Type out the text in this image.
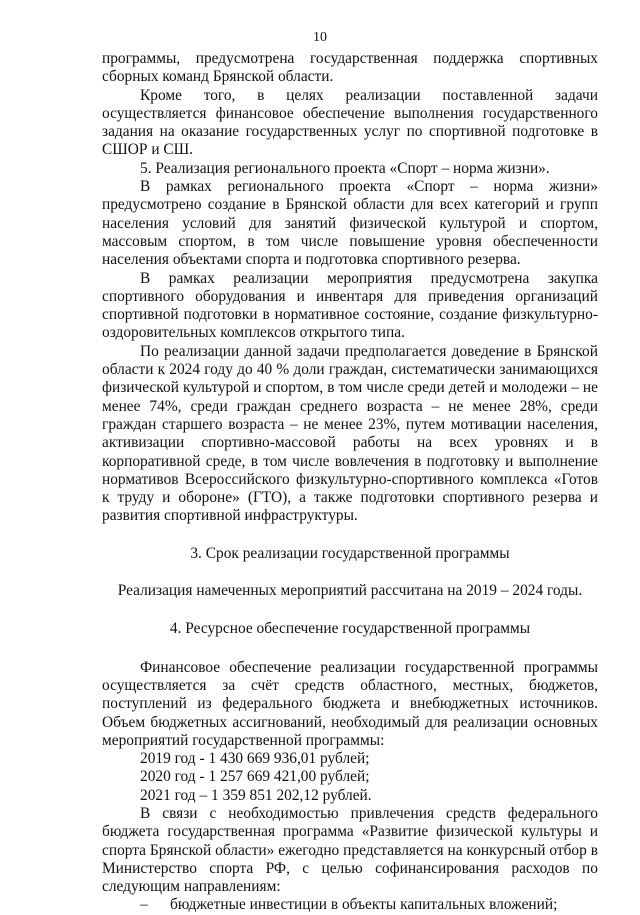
10

программы, предусмотрена государственная поддержка спортивных сборных команд Брянской области.

Кроме того, в целях реализации поставленной задачи осуществляется финансовое обеспечение выполнения государственного задания на оказание государственных услуг по спортивной подготовке в СШОР и СШ.

5. Реализация регионального проекта «Спорт – норма жизни».

В рамках регионального проекта «Спорт – норма жизни» предусмотрено создание в Брянской области для всех категорий и групп населения условий для занятий физической культурой и спортом, массовым спортом, в том числе повышение уровня обеспеченности населения объектами спорта и подготовка спортивного резерва.

В рамках реализации мероприятия предусмотрена закупка спортивного оборудования и инвентаря для приведения организаций спортивной подготовки в нормативное состояние, создание физкультурно-оздоровительных комплексов открытого типа.

По реализации данной задачи предполагается доведение в Брянской области к 2024 году до 40 % доли граждан, систематически занимающихся физической культурой и спортом, в том числе среди детей и молодежи – не менее 74%, среди граждан среднего возраста – не менее 28%, среди граждан старшего возраста – не менее 23%, путем мотивации населения, активизации спортивно-массовой работы на всех уровнях и в корпоративной среде, в том числе вовлечения в подготовку и выполнение нормативов Всероссийского физкультурно-спортивного комплекса «Готов к труду и обороне» (ГТО), а также подготовки спортивного резерва и развития спортивной инфраструктуры.

3. Срок реализации государственной программы

Реализация намеченных мероприятий рассчитана на 2019 – 2024 годы.

4. Ресурсное обеспечение государственной программы

Финансовое обеспечение реализации государственной программы осуществляется за счёт средств областного, местных, бюджетов, поступлений из федерального бюджета и внебюджетных источников. Объем бюджетных ассигнований, необходимый для реализации основных мероприятий государственной программы:

2019 год - 1 430 669 936,01 рублей;
2020 год - 1 257 669 421,00 рублей;
2021 год – 1 359 851 202,12 рублей.

В связи с необходимостью привлечения средств федерального бюджета государственная программа «Развитие физической культуры и спорта Брянской области» ежегодно представляется на конкурсный отбор в Министерство спорта РФ, с целью софинансирования расходов по следующим направлениям:

–	бюджетные инвестиции в объекты капитальных вложений;
